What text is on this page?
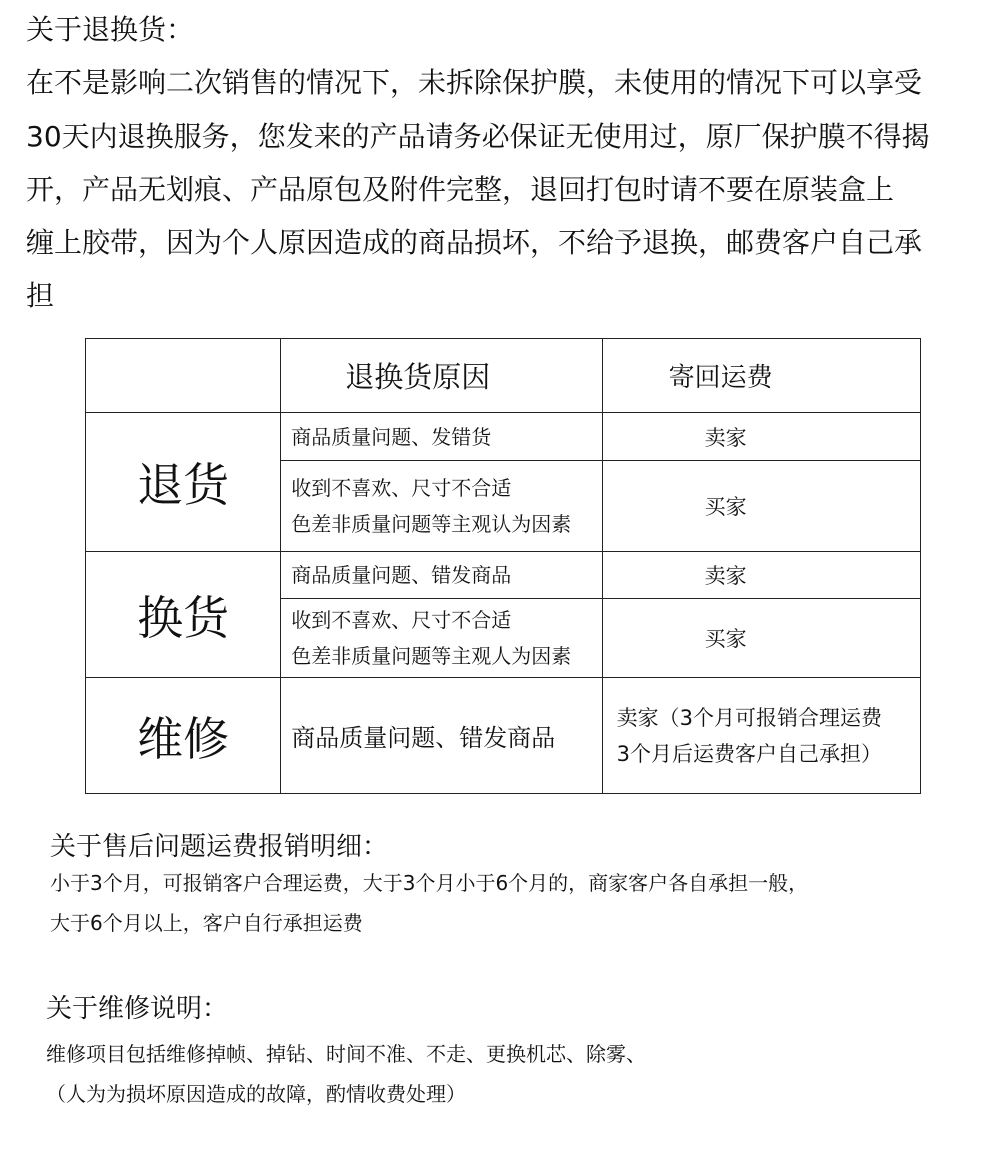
关于退换货：
在不是影响二次销售的情况下，未拆除保护膜，未使用的情况下可以享受
30天内退换服务，您发来的产品请务必保证无使用过，原厂保护膜不得揭
开，产品无划痕、产品原包及附件完整，退回打包时请不要在原装盒上
缠上胶带，因为个人原因造成的商品损坏，不给予退换，邮费客户自己承
担
	退换货原因	寄回运费
退货	商品质量问题、发错货	卖家

	收到不喜欢、尺寸不合适
色差非质量问题等主观认为因素	买家

换货	商品质量问题、错发商品	卖家

	收到不喜欢、尺寸不合适
色差非质量问题等主观人为因素	买家

维修	商品质量问题、错发商品	卖家（3个月可报销合理运费
3个月后运费客户自己承担）
关于售后问题运费报销明细：
小于3个月，可报销客户合理运费，大于3个月小于6个月的，商家客户各自承担一般，
大于6个月以上，客户自行承担运费
关于维修说明：
维修项目包括维修掉帧、掉钻、时间不准、不走、更换机芯、除雾、
（人为为损坏原因造成的故障，酌情收费处理）
